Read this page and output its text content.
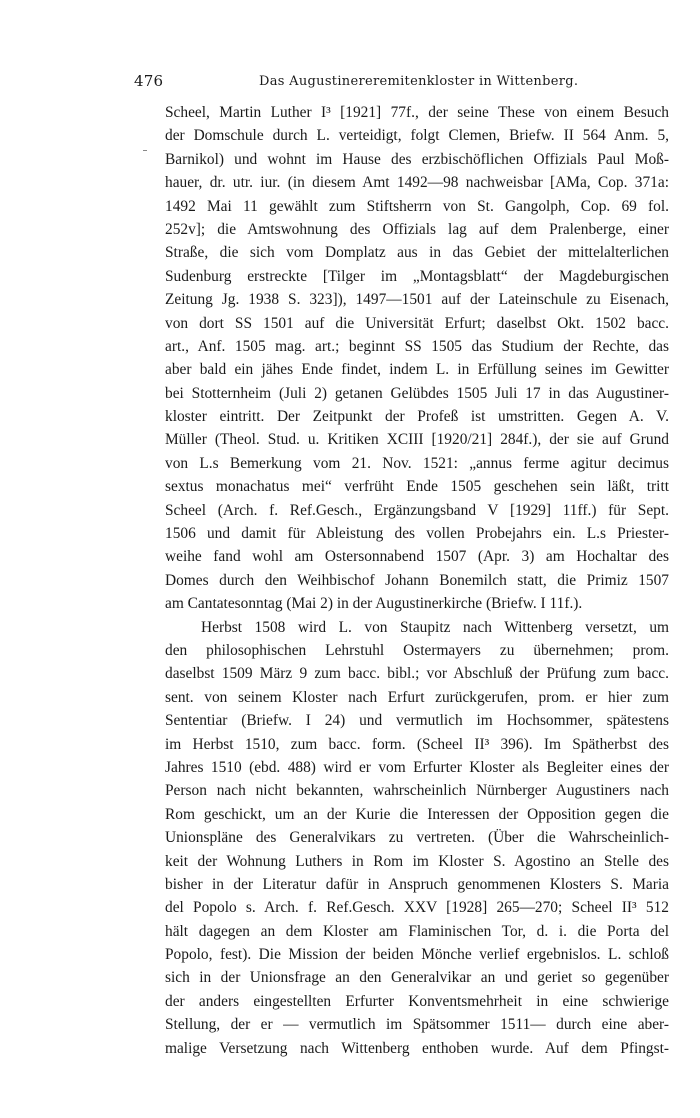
476	Das Augustinereremitenkloster in Wittenberg.
Scheel, Martin Luther I³ [1921] 77f., der seine These von einem Besuch
der Domschule durch L. verteidigt, folgt Clemen, Briefw. II 564 Anm. 5,
Barnikol) und wohnt im Hause des erzbischöflichen Offizials Paul Moß-
hauer, dr. utr. iur. (in diesem Amt 1492—98 nachweisbar [AMa, Cop. 371a:
1492 Mai 11 gewählt zum Stiftsherrn von St. Gangolph, Cop. 69 fol.
252v]; die Amtswohnung des Offizials lag auf dem Pralenberge, einer
Straße, die sich vom Domplatz aus in das Gebiet der mittelalterlichen
Sudenburg erstreckte [Tilger im „Montagsblatt“ der Magdeburgischen
Zeitung Jg. 1938 S. 323]), 1497—1501 auf der Lateinschule zu Eisenach,
von dort SS 1501 auf die Universität Erfurt; daselbst Okt. 1502 bacc.
art., Anf. 1505 mag. art.; beginnt SS 1505 das Studium der Rechte, das
aber bald ein jähes Ende findet, indem L. in Erfüllung seines im Gewitter
bei Stotternheim (Juli 2) getanen Gelübdes 1505 Juli 17 in das Augustiner-
kloster eintritt. Der Zeitpunkt der Profeß ist umstritten. Gegen A. V.
Müller (Theol. Stud. u. Kritiken XCIII [1920/21] 284f.), der sie auf Grund
von L.s Bemerkung vom 21. Nov. 1521: „annus ferme agitur decimus
sextus monachatus mei“ verfrüht Ende 1505 geschehen sein läßt, tritt
Scheel (Arch. f. Ref.Gesch., Ergänzungsband V [1929] 11ff.) für Sept.
1506 und damit für Ableistung des vollen Probejahrs ein. L.s Priester-
weihe fand wohl am Ostersonnabend 1507 (Apr. 3) am Hochaltar des
Domes durch den Weihbischof Johann Bonemilch statt, die Primiz 1507
am Cantatesonntag (Mai 2) in der Augustinerkirche (Briefw. I 11f.).
Herbst 1508 wird L. von Staupitz nach Wittenberg versetzt, um
den philosophischen Lehrstuhl Ostermayers zu übernehmen; prom.
daselbst 1509 März 9 zum bacc. bibl.; vor Abschluß der Prüfung zum bacc.
sent. von seinem Kloster nach Erfurt zurückgerufen, prom. er hier zum
Sententiar (Briefw. I 24) und vermutlich im Hochsommer, spätestens
im Herbst 1510, zum bacc. form. (Scheel II³ 396). Im Spätherbst des
Jahres 1510 (ebd. 488) wird er vom Erfurter Kloster als Begleiter eines der
Person nach nicht bekannten, wahrscheinlich Nürnberger Augustiners nach
Rom geschickt, um an der Kurie die Interessen der Opposition gegen die
Unionspläne des Generalvikars zu vertreten. (Über die Wahrscheinlich-
keit der Wohnung Luthers in Rom im Kloster S. Agostino an Stelle des
bisher in der Literatur dafür in Anspruch genommenen Klosters S. Maria
del Popolo s. Arch. f. Ref.Gesch. XXV [1928] 265—270; Scheel II³ 512
hält dagegen an dem Kloster am Flaminischen Tor, d. i. die Porta del
Popolo, fest). Die Mission der beiden Mönche verlief ergebnislos. L. schloß
sich in der Unionsfrage an den Generalvikar an und geriet so gegenüber
der anders eingestellten Erfurter Konventsmehrheit in eine schwierige
Stellung, der er — vermutlich im Spätsommer 1511— durch eine aber-
malige Versetzung nach Wittenberg enthoben wurde. Auf dem Pfingst-
